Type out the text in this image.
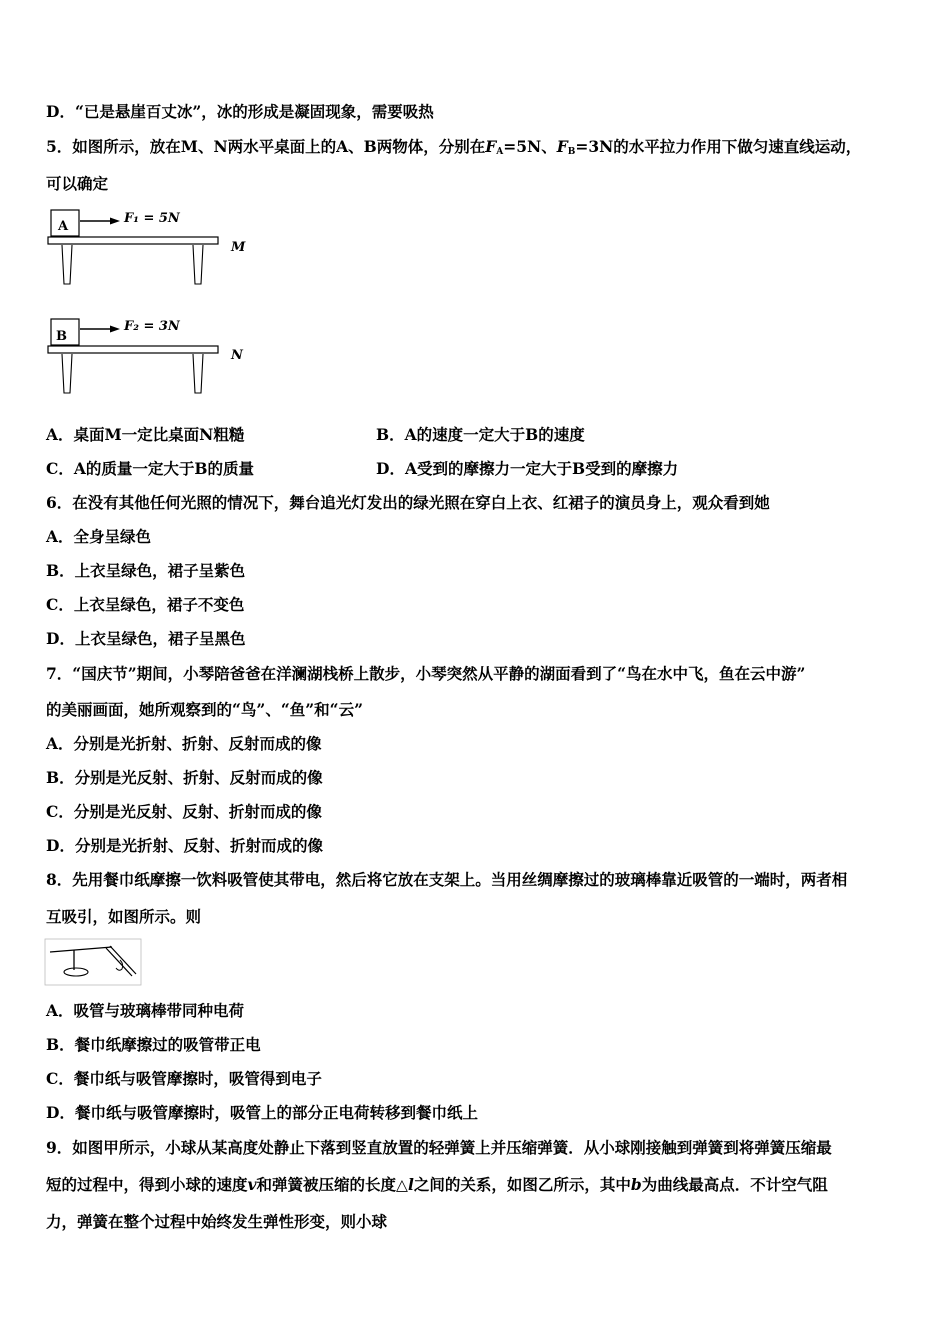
D．“已是悬崖百丈冰”，冰的形成是凝固现象，需要吸热
5．如图所示，放在M、N两水平桌面上的A、B两物体，分别在$F_A=5N$、$F_B=3N$的水平拉力作用下做匀速直线运动，
可以确定
A
F₁ = 5N
M
B
F₂ = 3N
N
A．桌面M一定比桌面N粗糙	B．A的速度一定大于B的速度
C．A的质量一定大于B的质量	D．A受到的摩擦力一定大于B受到的摩擦力
6．在没有其他任何光照的情况下，舞台追光灯发出的绿光照在穿白上衣、红裙子的演员身上，观众看到她
A．全身呈绿色
B．上衣呈绿色，裙子呈紫色
C．上衣呈绿色，裙子不变色
D．上衣呈绿色，裙子呈黑色
7．“国庆节”期间，小琴陪爸爸在洋澜湖栈桥上散步，小琴突然从平静的湖面看到了“鸟在水中飞，鱼在云中游”
的美丽画面，她所观察到的“鸟”、“鱼”和“云”
A．分别是光折射、折射、反射而成的像
B．分别是光反射、折射、反射而成的像
C．分别是光反射、反射、折射而成的像
D．分别是光折射、反射、折射而成的像
8．先用餐巾纸摩擦一饮料吸管使其带电，然后将它放在支架上。当用丝绸摩擦过的玻璃棒靠近吸管的一端时，两者相
互吸引，如图所示。则
A．吸管与玻璃棒带同种电荷
B．餐巾纸摩擦过的吸管带正电
C．餐巾纸与吸管摩擦时，吸管得到电子
D．餐巾纸与吸管摩擦时，吸管上的部分正电荷转移到餐巾纸上
9．如图甲所示，小球从某高度处静止下落到竖直放置的轻弹簧上并压缩弹簧．从小球刚接触到弹簧到将弹簧压缩最
短的过程中，得到小球的速度v和弹簧被压缩的长度△l之间的关系，如图乙所示，其中b为曲线最高点．不计空气阻
力，弹簧在整个过程中始终发生弹性形变，则小球
